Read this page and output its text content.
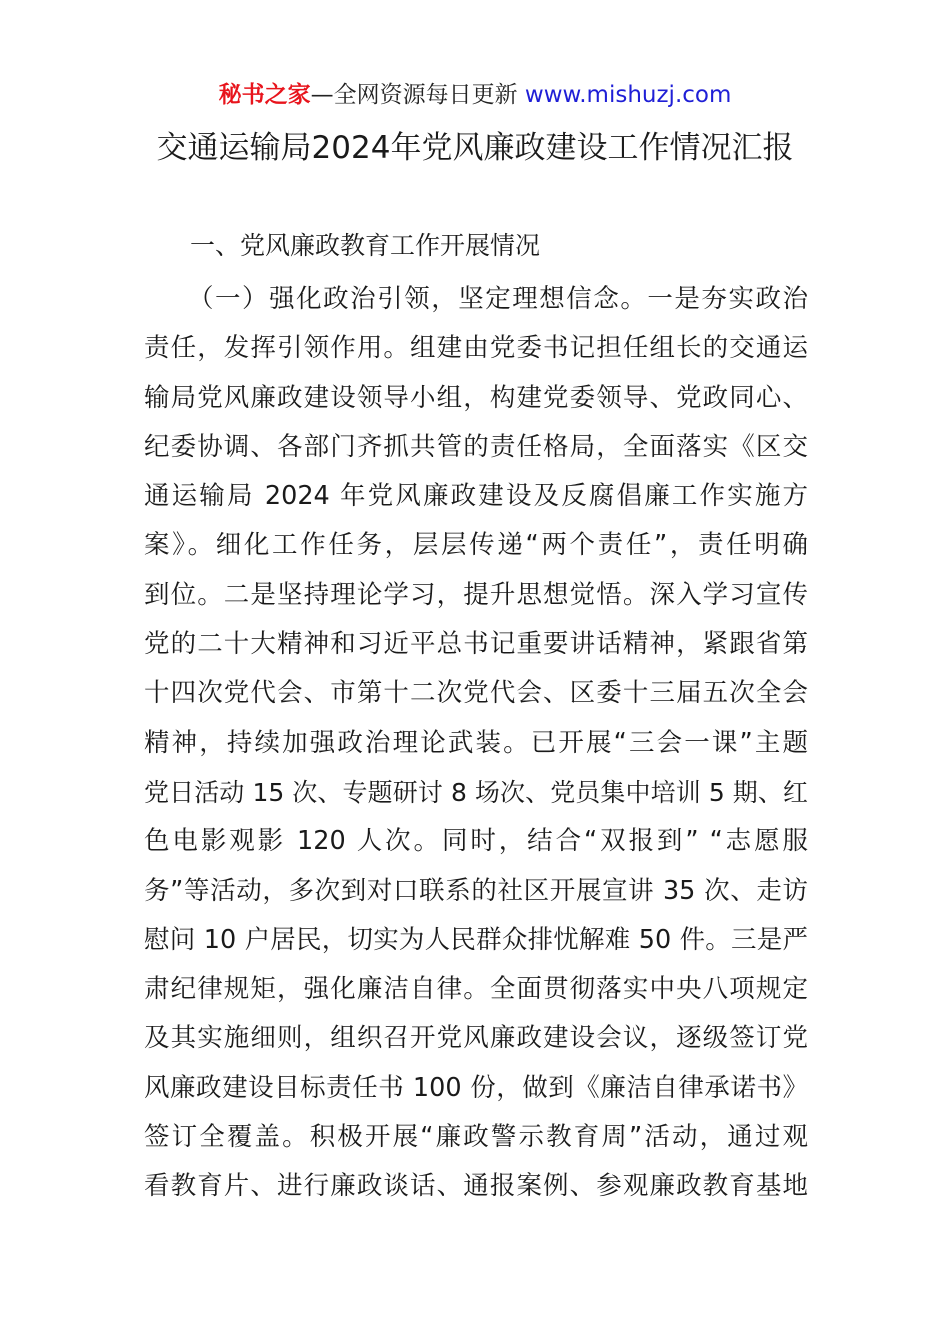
秘书之家—全网资源每日更新 www.mishuzj.com
交通运输局2024年党风廉政建设工作情况汇报
一、党风廉政教育工作开展情况
（一）强化政治引领，坚定理想信念。一是夯实政治
责任，发挥引领作用。组建由党委书记担任组长的交通运
输局党风廉政建设领导小组，构建党委领导、党政同心、
纪委协调、各部门齐抓共管的责任格局，全面落实《区交
通运输局 2024 年党风廉政建设及反腐倡廉工作实施方
案》。细化工作任务，层层传递“两个责任”，责任明确
到位。二是坚持理论学习，提升思想觉悟。深入学习宣传
党的二十大精神和习近平总书记重要讲话精神，紧跟省第
十四次党代会、市第十二次党代会、区委十三届五次全会
精神，持续加强政治理论武装。已开展“三会一课”主题
党日活动 15 次、专题研讨 8 场次、党员集中培训 5 期、红
色电影观影 120 人次。同时，结合“双报到” “志愿服
务”等活动，多次到对口联系的社区开展宣讲 35 次、走访
慰问 10 户居民，切实为人民群众排忧解难 50 件。三是严
肃纪律规矩，强化廉洁自律。全面贯彻落实中央八项规定
及其实施细则，组织召开党风廉政建设会议，逐级签订党
风廉政建设目标责任书 100 份，做到《廉洁自律承诺书》
签订全覆盖。积极开展“廉政警示教育周”活动，通过观
看教育片、进行廉政谈话、通报案例、参观廉政教育基地
